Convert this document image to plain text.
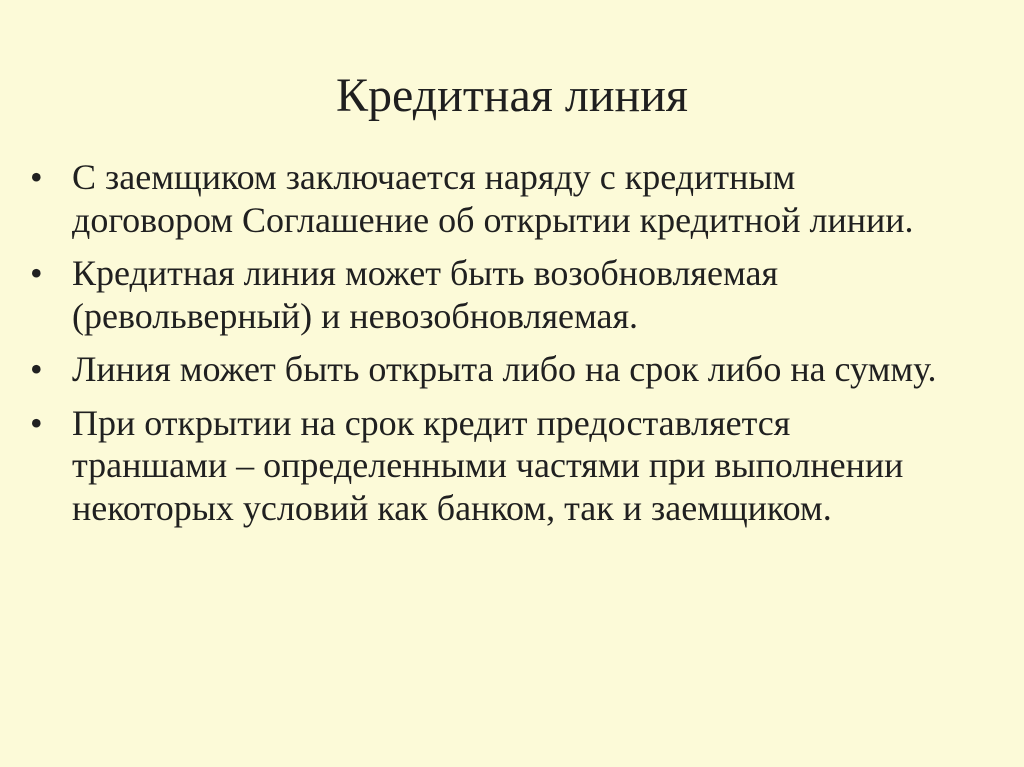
Кредитная линия
• С заемщиком заключается наряду с кредитным договором Соглашение об открытии кредитной линии.
• Кредитная линия может быть возобновляемая (револьверный) и невозобновляемая.
• Линия может быть открыта либо на срок либо на сумму.
• При открытии на срок кредит предоставляется траншами – определенными частями при выполнении некоторых условий как банком, так и заемщиком.
